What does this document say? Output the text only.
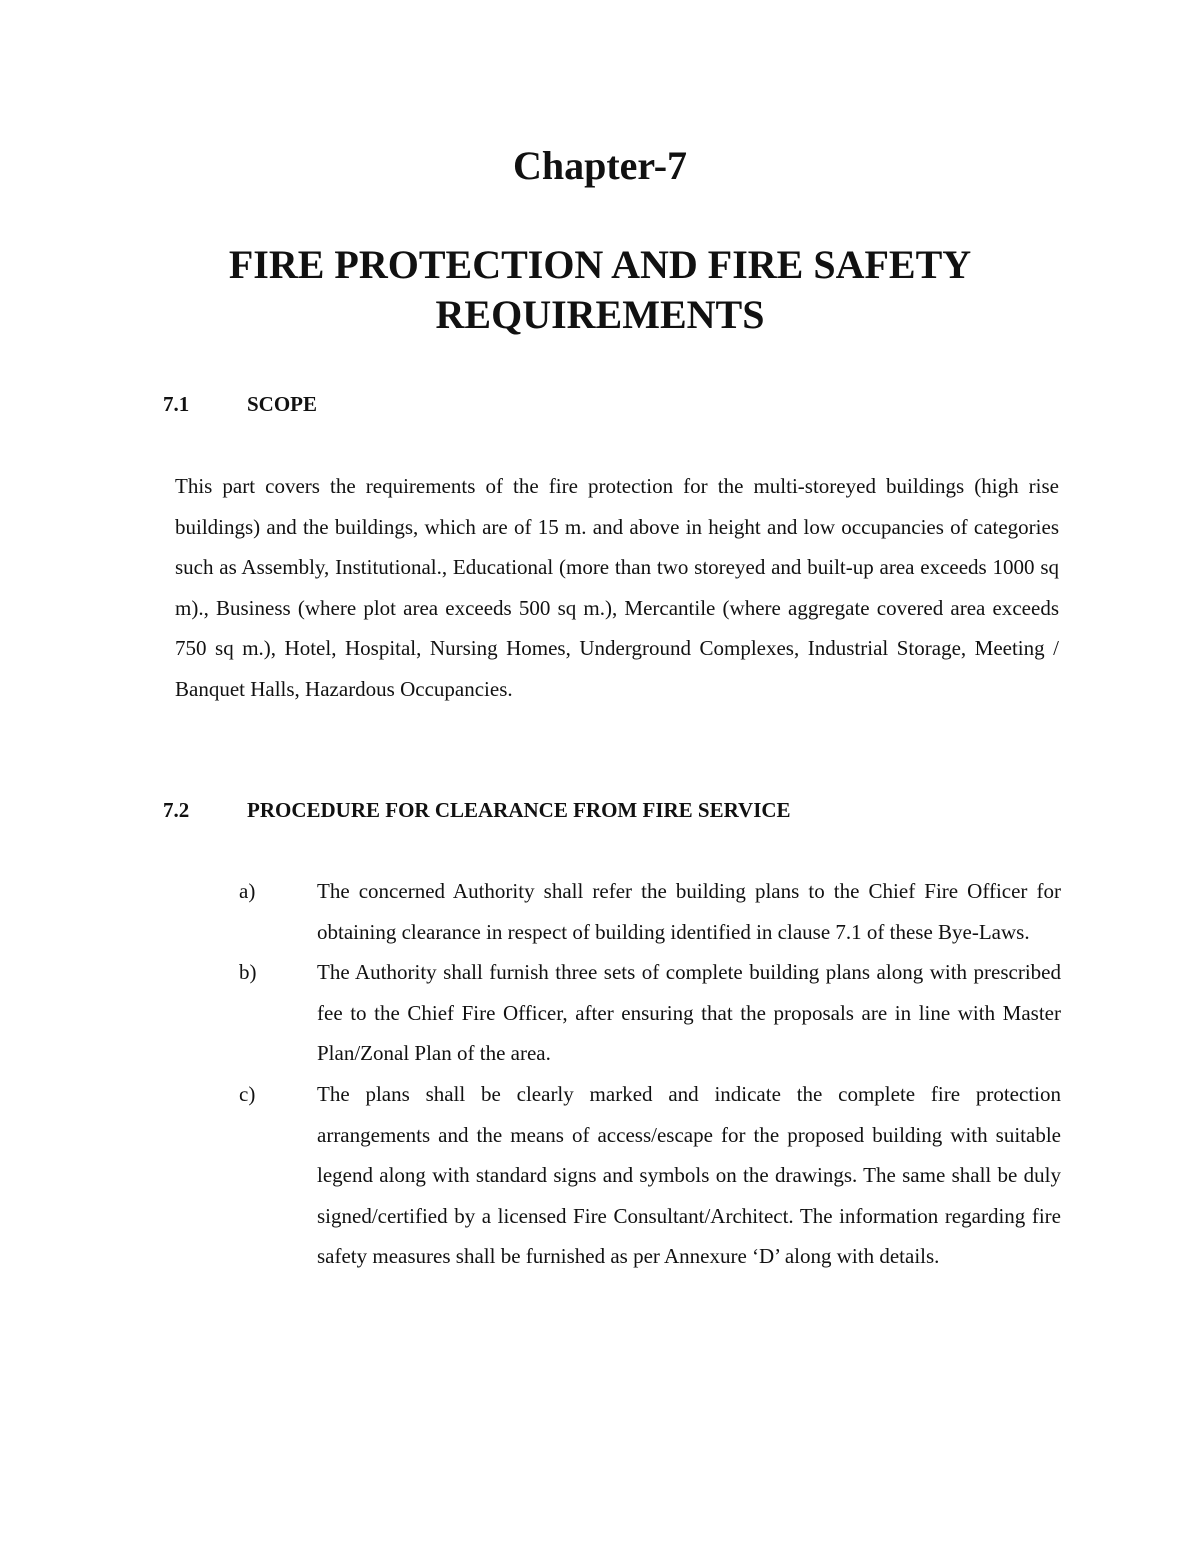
Chapter-7
FIRE PROTECTION AND FIRE SAFETY
REQUIREMENTS
7.1	SCOPE
This part covers the requirements of the fire protection for the multi-storeyed buildings (high rise buildings) and the buildings, which are of 15 m. and above in height and low occupancies of categories such as Assembly, Institutional., Educational (more than two storeyed and built-up area exceeds 1000 sq m)., Business (where plot area exceeds 500 sq m.), Mercantile (where aggregate covered area exceeds 750 sq m.), Hotel, Hospital, Nursing Homes, Underground Complexes, Industrial Storage, Meeting / Banquet Halls, Hazardous Occupancies.
7.2	PROCEDURE FOR CLEARANCE FROM FIRE SERVICE
a)	The concerned Authority shall refer the building plans to the Chief Fire Officer for obtaining clearance in respect of building identified in clause 7.1 of these Bye-Laws.
b)	The Authority shall furnish three sets of complete building plans along with prescribed fee to the Chief Fire Officer, after ensuring that the proposals are in line with Master Plan/Zonal Plan of the area.
c)	The plans shall be clearly marked and indicate the complete fire protection arrangements and the means of access/escape for the proposed building with suitable legend along with standard signs and symbols on the drawings. The same shall be duly signed/certified by a licensed Fire Consultant/Architect. The information regarding fire safety measures shall be furnished as per Annexure ‘D’ along with details.
